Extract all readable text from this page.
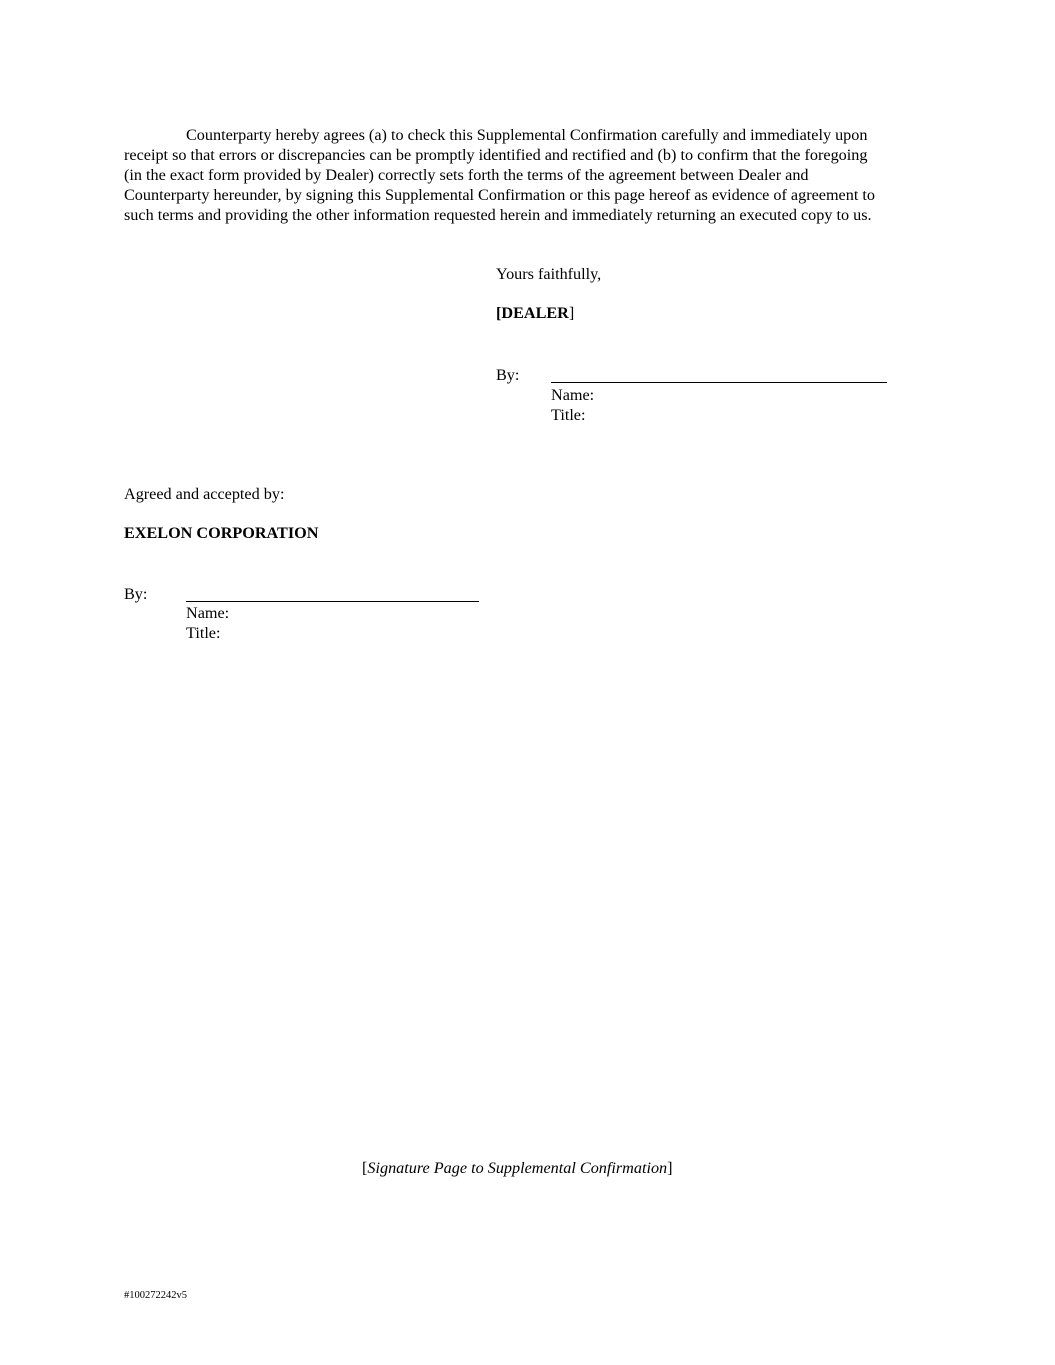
Counterparty hereby agrees (a) to check this Supplemental Confirmation carefully and immediately upon
receipt so that errors or discrepancies can be promptly identified and rectified and (b) to confirm that the foregoing
(in the exact form provided by Dealer) correctly sets forth the terms of the agreement between Dealer and
Counterparty hereunder, by signing this Supplemental Confirmation or this page hereof as evidence of agreement to
such terms and providing the other information requested herein and immediately returning an executed copy to us.
Yours faithfully,
[DEALER]
By:
Name:
Title:
Agreed and accepted by:
EXELON CORPORATION
By:
Name:
Title:
[Signature Page to Supplemental Confirmation]
#100272242v5
